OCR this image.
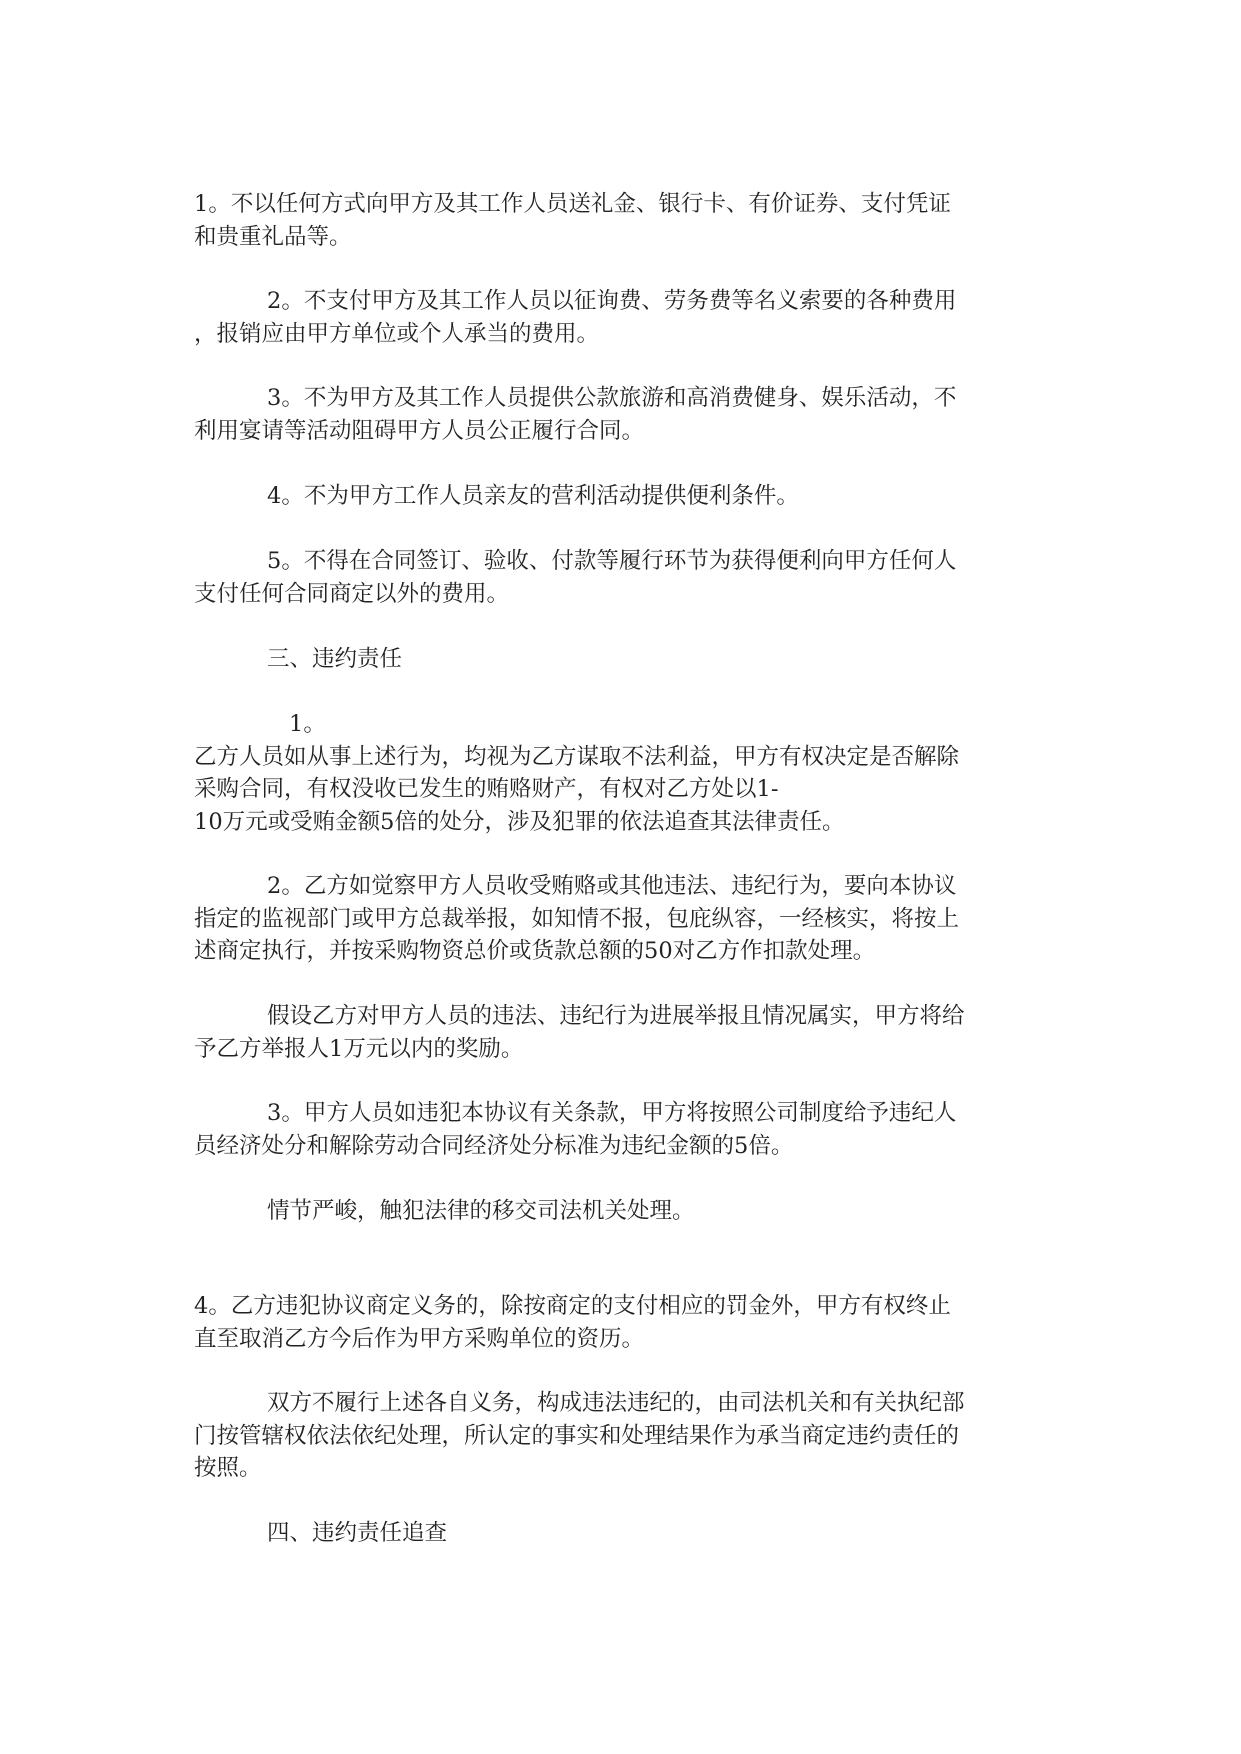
1。不以任何方式向甲方及其工作人员送礼金、银行卡、有价证券、支付凭证
和贵重礼品等。

2。不支付甲方及其工作人员以征询费、劳务费等名义索要的各种费用
，报销应由甲方单位或个人承当的费用。

3。不为甲方及其工作人员提供公款旅游和高消费健身、娱乐活动，不
利用宴请等活动阻碍甲方人员公正履行合同。

4。不为甲方工作人员亲友的营利活动提供便利条件。

5。不得在合同签订、验收、付款等履行环节为获得便利向甲方任何人
支付任何合同商定以外的费用。

三、违约责任

1。
乙方人员如从事上述行为，均视为乙方谋取不法利益，甲方有权决定是否解除
采购合同，有权没收已发生的贿赂财产，有权对乙方处以1-
10万元或受贿金额5倍的处分，涉及犯罪的依法追查其法律责任。

2。乙方如觉察甲方人员收受贿赂或其他违法、违纪行为，要向本协议
指定的监视部门或甲方总裁举报，如知情不报，包庇纵容，一经核实，将按上
述商定执行，并按采购物资总价或货款总额的50对乙方作扣款处理。

假设乙方对甲方人员的违法、违纪行为进展举报且情况属实，甲方将给
予乙方举报人1万元以内的奖励。

3。甲方人员如违犯本协议有关条款，甲方将按照公司制度给予违纪人
员经济处分和解除劳动合同经济处分标准为违纪金额的5倍。

情节严峻，触犯法律的移交司法机关处理。

4。乙方违犯协议商定义务的，除按商定的支付相应的罚金外，甲方有权终止
直至取消乙方今后作为甲方采购单位的资历。

双方不履行上述各自义务，构成违法违纪的，由司法机关和有关执纪部
门按管辖权依法依纪处理，所认定的事实和处理结果作为承当商定违约责任的
按照。

四、违约责任追查
